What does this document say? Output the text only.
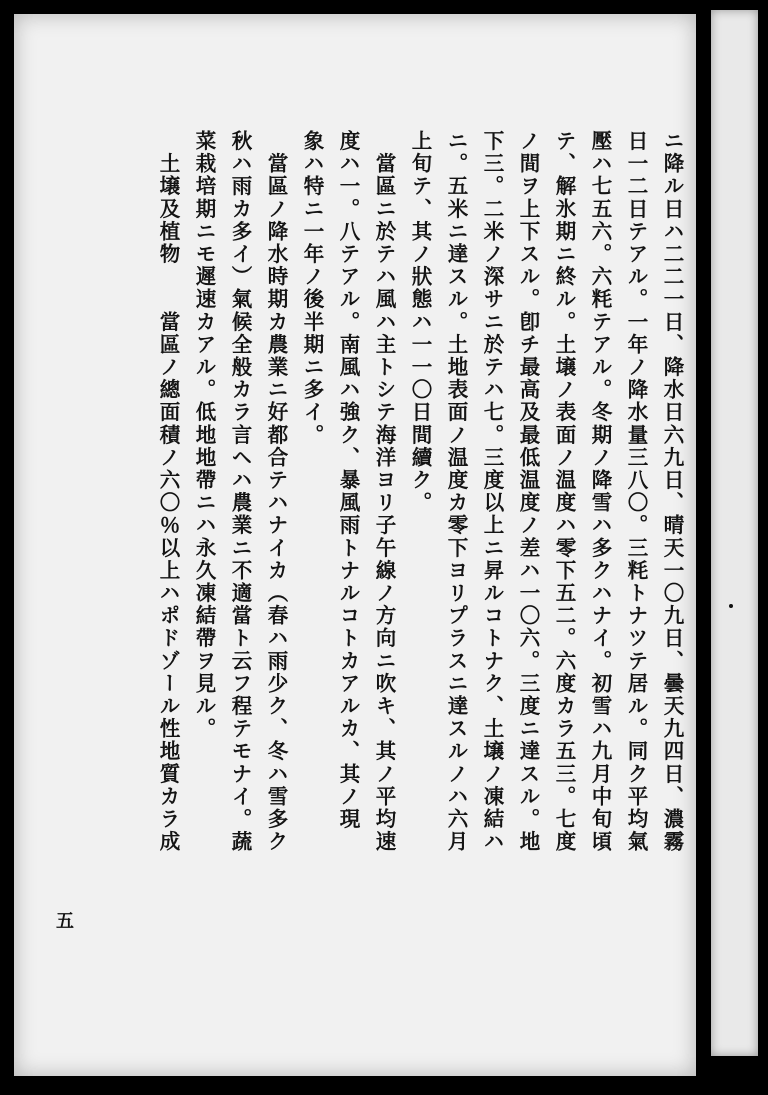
ニ降ル日ハ二二一日、降水日六九日、晴天一〇九日、曇天九四日、濃霧
日一二日テアル。一年ノ降水量三八〇。三粍トナツテ居ル。同ク平均氣
壓ハ七五六。六粍テアル。冬期ノ降雪ハ多クハナイ。初雪ハ九月中旬頃
テ、解氷期ニ終ル。土壌ノ表面ノ温度ハ零下五二。六度カラ五三。七度
ノ間ヲ上下スル。卽チ最高及最低温度ノ差ハ一〇六。三度ニ達スル。地
下三。二米ノ深サニ於テハ七。三度以上ニ昇ルコトナク、土壌ノ凍結ハ
ニ。五米ニ達スル。土地表面ノ温度カ零下ヨリプラスニ達スルノハ六月
上旬テ、其ノ狀態ハ一一〇日間續ク。
　當區ニ於テハ風ハ主トシテ海洋ヨリ子午線ノ方向ニ吹キ、其ノ平均速
度ハ一。八テアル。南風ハ強ク、暴風雨トナルコトカアルカ、其ノ現
象ハ特ニ一年ノ後半期ニ多イ。
　當區ノ降水時期カ農業ニ好都合テハナイカ（春ハ雨少ク、冬ハ雪多ク
秋ハ雨カ多イ）氣候全般カラ言ヘハ農業ニ不適當ト云フ程テモナイ。蔬
菜栽培期ニモ遲速カアル。低地地帶ニハ永久凍結帶ヲ見ル。
　土壌及植物　　當區ノ總面積ノ六〇％以上ハポドゾール性地質カラ成
五
